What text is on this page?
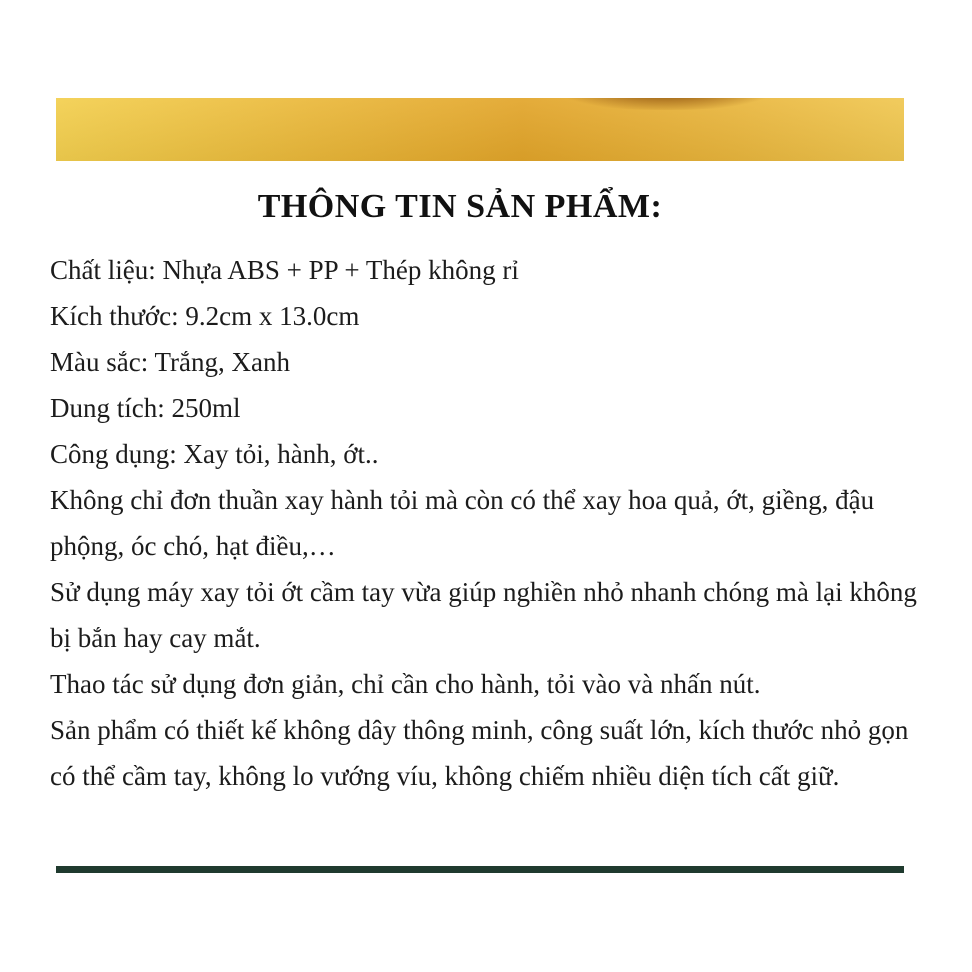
THÔNG TIN SẢN PHẨM:

Chất liệu: Nhựa ABS + PP + Thép không rỉ

Kích thước: 9.2cm x 13.0cm

Màu sắc: Trắng, Xanh

Dung tích: 250ml

Công dụng: Xay tỏi, hành, ớt..

Không chỉ đơn thuần xay hành tỏi mà còn có thể xay hoa quả, ớt, giềng, đậu phộng, óc chó, hạt điều,…

Sử dụng máy xay tỏi ớt cầm tay vừa giúp nghiền nhỏ nhanh chóng mà lại không bị bắn hay cay mắt.

Thao tác sử dụng đơn giản, chỉ cần cho hành, tỏi vào và nhấn nút.

Sản phẩm có thiết kế không dây thông minh, công suất lớn, kích thước nhỏ gọn có thể cầm tay, không lo vướng víu, không chiếm nhiều diện tích cất giữ.
